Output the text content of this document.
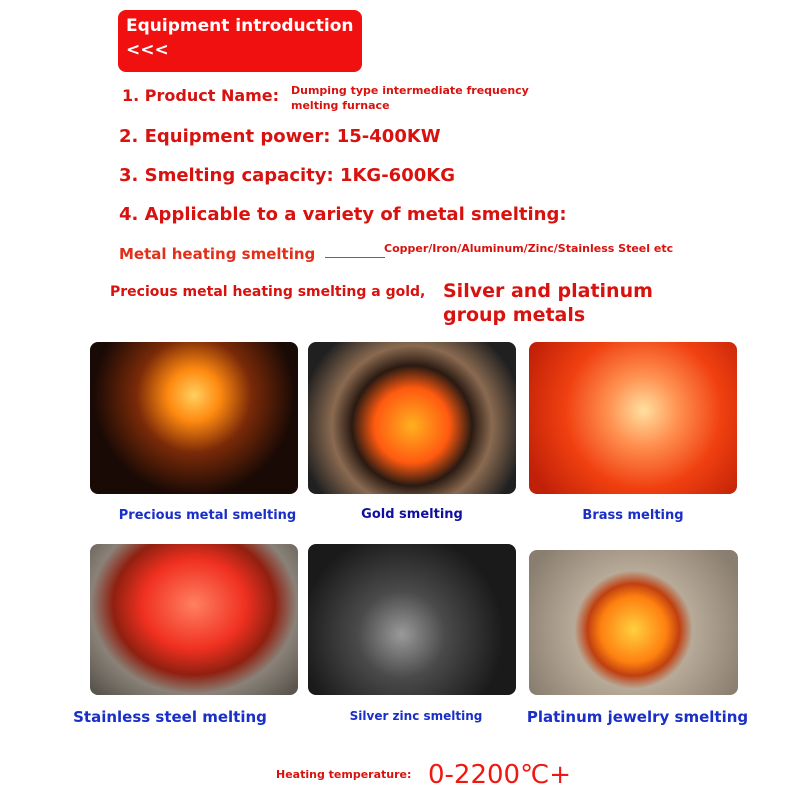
Equipment introduction <<<
1. Product Name: Dumping type intermediate frequency melting furnace
2. Equipment power: 15-400KW
3. Smelting capacity: 1KG-600KG
4. Applicable to a variety of metal smelting:
Metal heating smelting	Copper/Iron/Aluminum/Zinc/Stainless Steel etc
Precious metal heating smelting a gold, Silver and platinum group metals
Precious metal smelting	Gold smelting	Brass melting
Stainless steel melting	Silver zinc smelting	Platinum jewelry smelting
Heating temperature: 0-2200℃+
